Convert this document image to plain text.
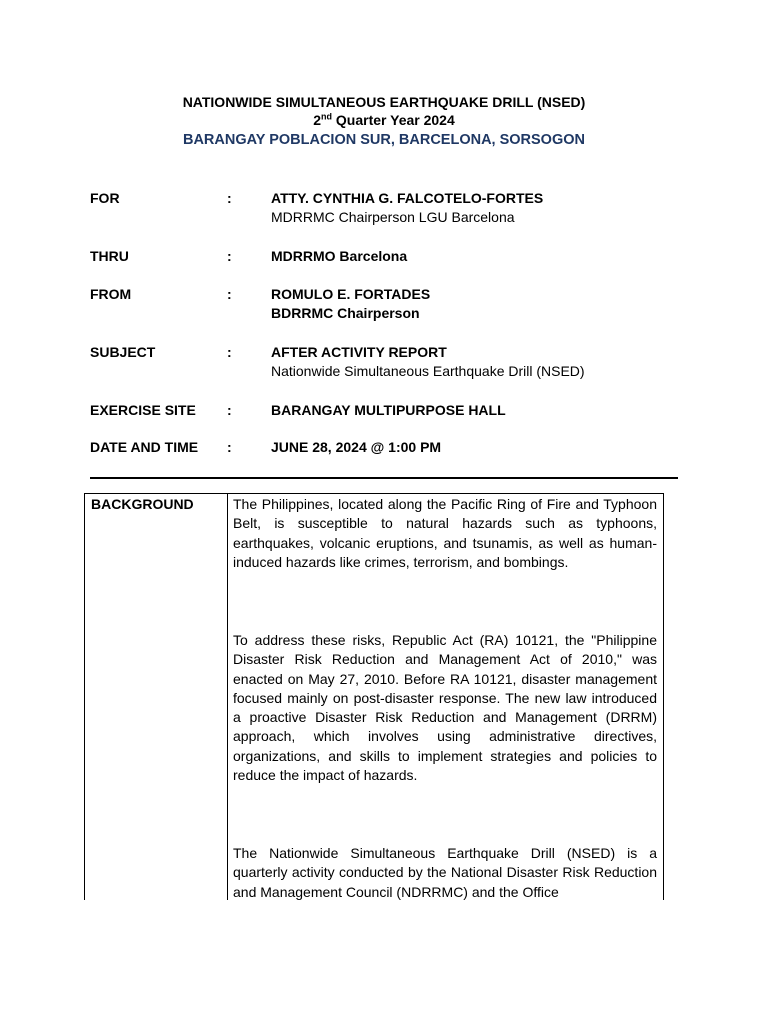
NATIONWIDE SIMULTANEOUS EARTHQUAKE DRILL (NSED)
2nd Quarter Year 2024
BARANGAY POBLACION SUR, BARCELONA, SORSOGON
FOR	:	ATTY. CYNTHIA G. FALCOTELO-FORTES
MDRRMC Chairperson LGU Barcelona
THRU	:	MDRRMO Barcelona
FROM	:	ROMULO E. FORTADES
BDRRMC Chairperson
SUBJECT	:	AFTER ACTIVITY REPORT
Nationwide Simultaneous Earthquake Drill (NSED)
EXERCISE SITE :	BARANGAY MULTIPURPOSE HALL
DATE AND TIME :	JUNE 28, 2024 @ 1:00 PM
BACKGROUND	The Philippines, located along the Pacific Ring of Fire and Typhoon Belt, is susceptible to natural hazards such as typhoons, earthquakes, volcanic eruptions, and tsunamis, as well as human-induced hazards like crimes, terrorism, and bombings.

To address these risks, Republic Act (RA) 10121, the "Philippine Disaster Risk Reduction and Management Act of 2010," was enacted on May 27, 2010. Before RA 10121, disaster management focused mainly on post-disaster response. The new law introduced a proactive Disaster Risk Reduction and Management (DRRM) approach, which involves using administrative directives, organizations, and skills to implement strategies and policies to reduce the impact of hazards.

The Nationwide Simultaneous Earthquake Drill (NSED) is a quarterly activity conducted by the National Disaster Risk Reduction and Management Council (NDRRMC) and the Office
